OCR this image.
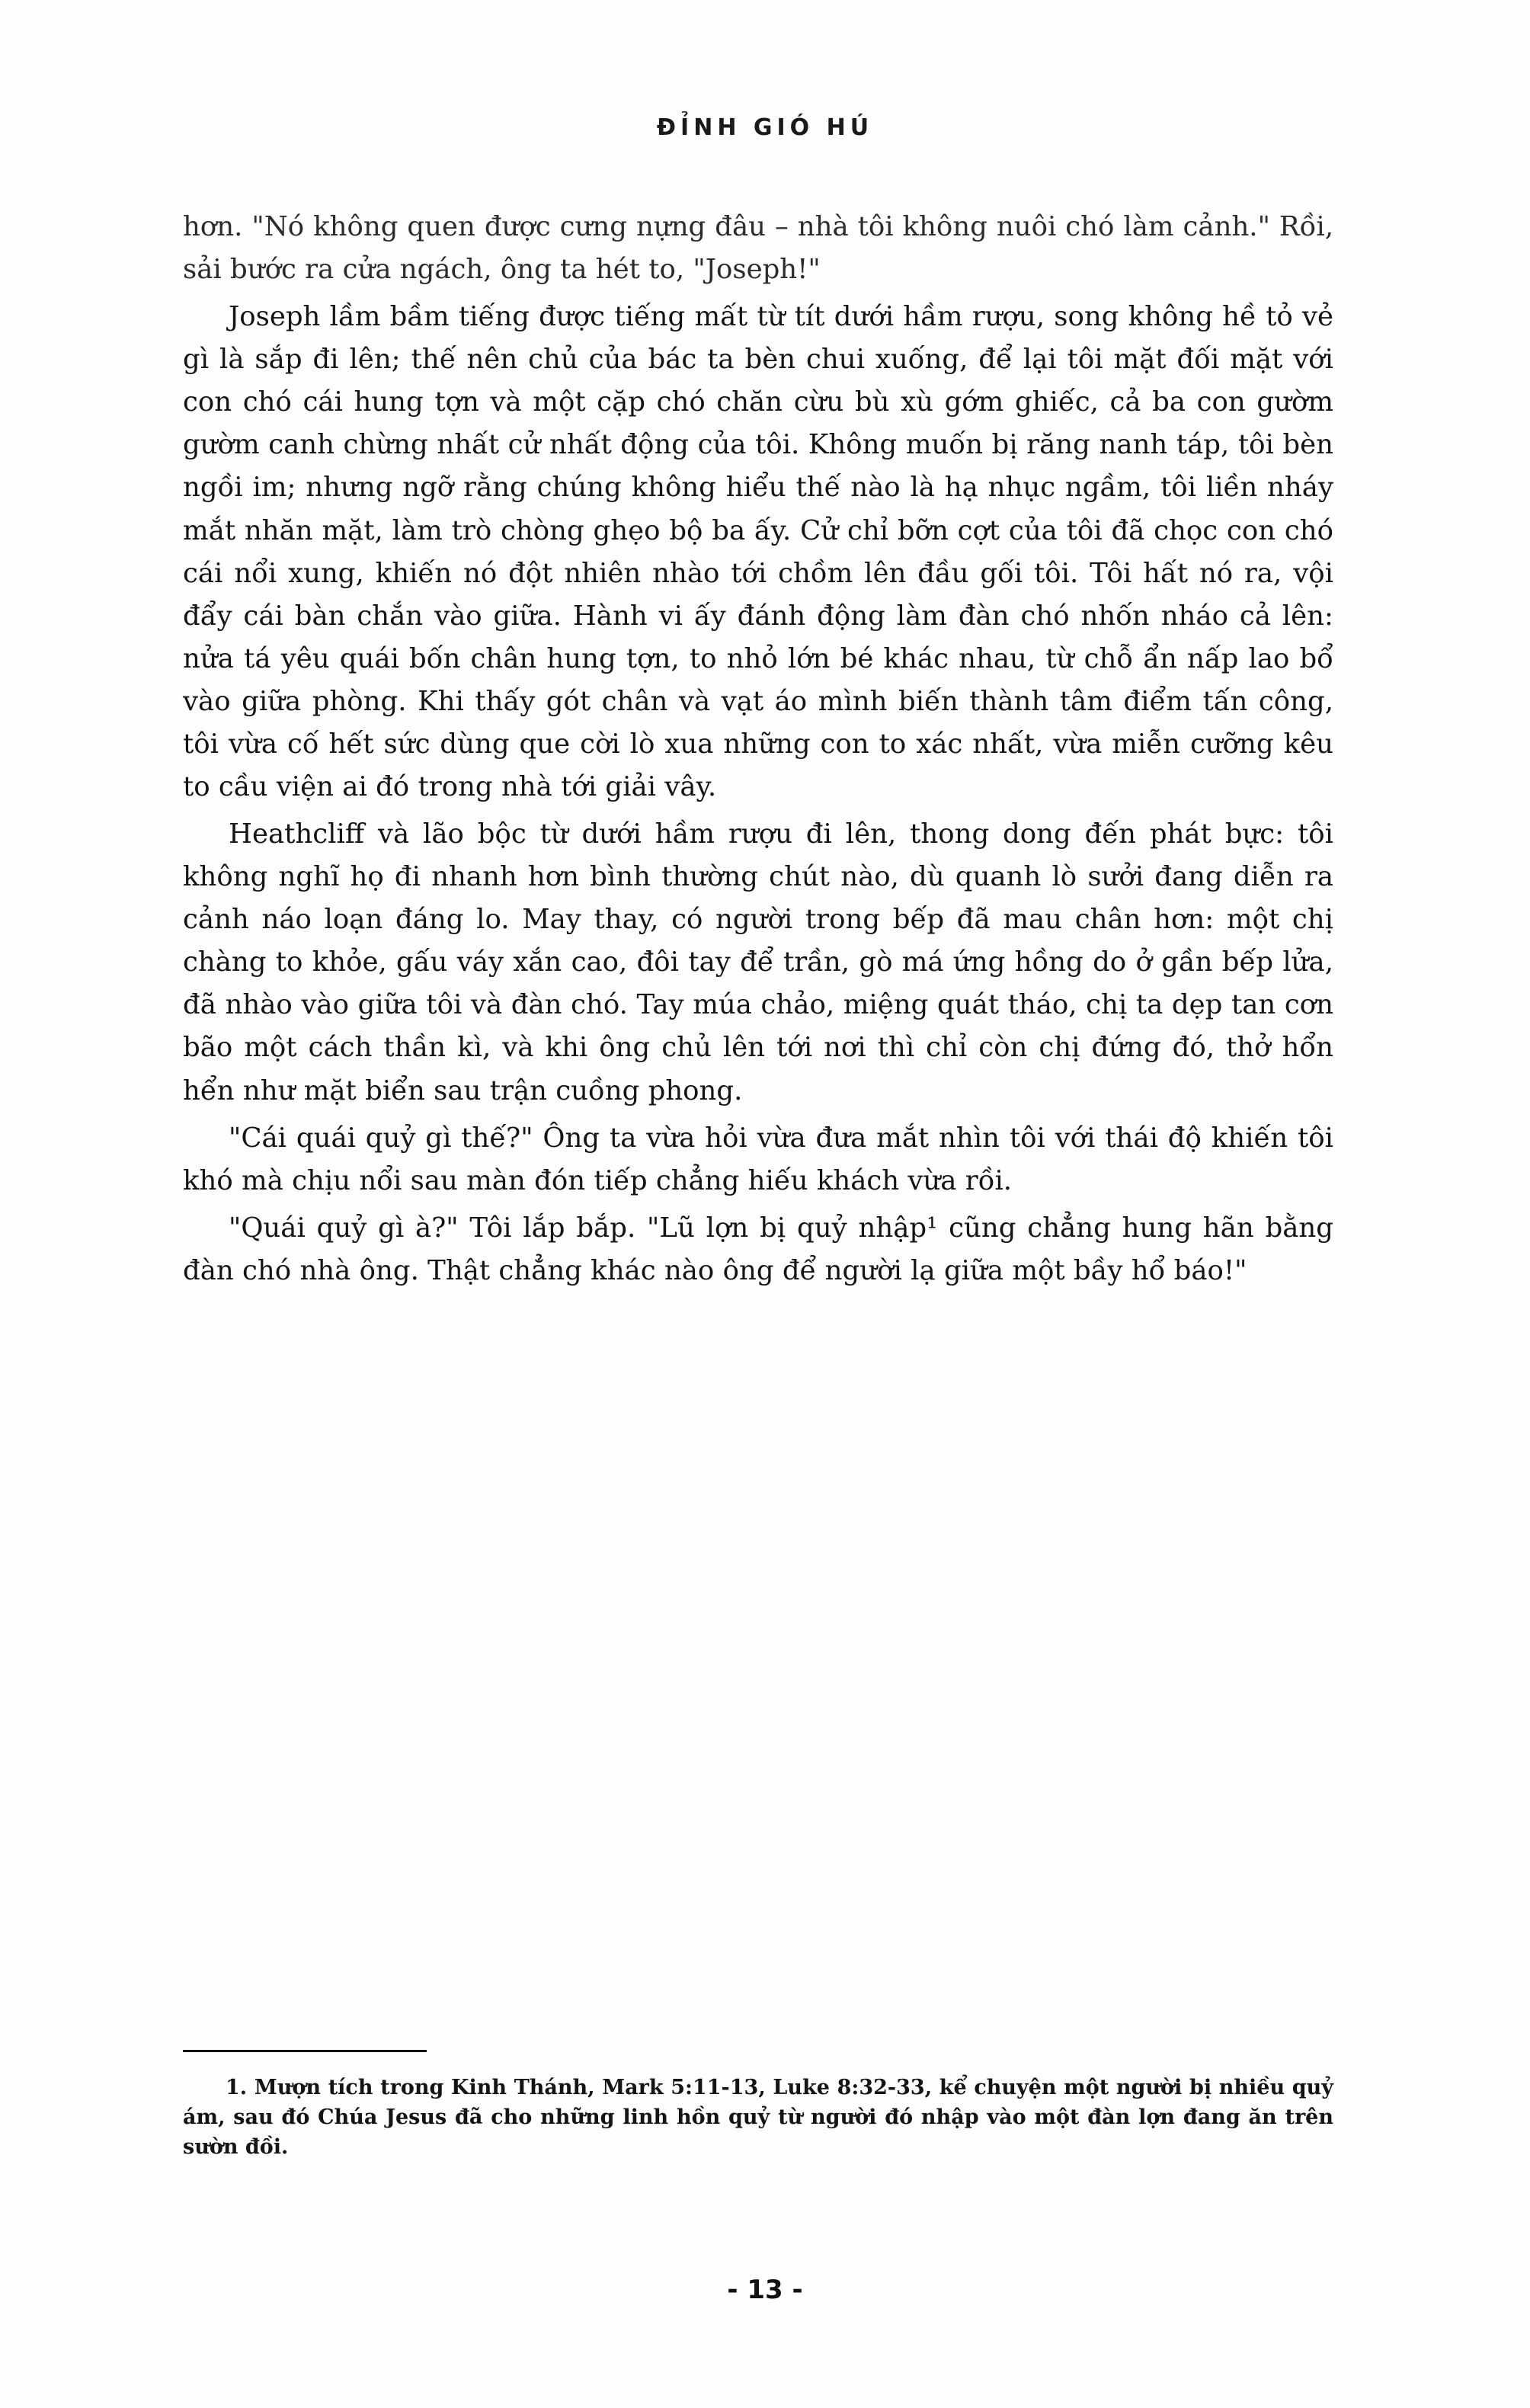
ĐỈNH GIÓ HÚ

hơn. "Nó không quen được cưng nựng đâu – nhà tôi không nuôi chó làm cảnh." Rồi, sải bước ra cửa ngách, ông ta hét to, "Joseph!"

Joseph lầm bầm tiếng được tiếng mất từ tít dưới hầm rượu, song không hề tỏ vẻ gì là sắp đi lên; thế nên chủ của bác ta bèn chui xuống, để lại tôi mặt đối mặt với con chó cái hung tợn và một cặp chó chăn cừu bù xù gớm ghiếc, cả ba con gườm gườm canh chừng nhất cử nhất động của tôi. Không muốn bị răng nanh táp, tôi bèn ngồi im; nhưng ngỡ rằng chúng không hiểu thế nào là hạ nhục ngầm, tôi liền nháy mắt nhăn mặt, làm trò chòng ghẹo bộ ba ấy. Cử chỉ bỡn cợt của tôi đã chọc con chó cái nổi xung, khiến nó đột nhiên nhào tới chồm lên đầu gối tôi. Tôi hất nó ra, vội đẩy cái bàn chắn vào giữa. Hành vi ấy đánh động làm đàn chó nhốn nháo cả lên: nửa tá yêu quái bốn chân hung tợn, to nhỏ lớn bé khác nhau, từ chỗ ẩn nấp lao bổ vào giữa phòng. Khi thấy gót chân và vạt áo mình biến thành tâm điểm tấn công, tôi vừa cố hết sức dùng que cời lò xua những con to xác nhất, vừa miễn cưỡng kêu to cầu viện ai đó trong nhà tới giải vây.

Heathcliff và lão bộc từ dưới hầm rượu đi lên, thong dong đến phát bực: tôi không nghĩ họ đi nhanh hơn bình thường chút nào, dù quanh lò sưởi đang diễn ra cảnh náo loạn đáng lo. May thay, có người trong bếp đã mau chân hơn: một chị chàng to khỏe, gấu váy xắn cao, đôi tay để trần, gò má ứng hồng do ở gần bếp lửa, đã nhào vào giữa tôi và đàn chó. Tay múa chảo, miệng quát tháo, chị ta dẹp tan cơn bão một cách thần kì, và khi ông chủ lên tới nơi thì chỉ còn chị đứng đó, thở hổn hển như mặt biển sau trận cuồng phong.

"Cái quái quỷ gì thế?" Ông ta vừa hỏi vừa đưa mắt nhìn tôi với thái độ khiến tôi khó mà chịu nổi sau màn đón tiếp chẳng hiếu khách vừa rồi.

"Quái quỷ gì à?" Tôi lắp bắp. "Lũ lợn bị quỷ nhập¹ cũng chẳng hung hãn bằng đàn chó nhà ông. Thật chẳng khác nào ông để người lạ giữa một bầy hổ báo!"

1. Mượn tích trong Kinh Thánh, Mark 5:11-13, Luke 8:32-33, kể chuyện một người bị nhiều quỷ ám, sau đó Chúa Jesus đã cho những linh hồn quỷ từ người đó nhập vào một đàn lợn đang ăn trên sườn đồi.

- 13 -
